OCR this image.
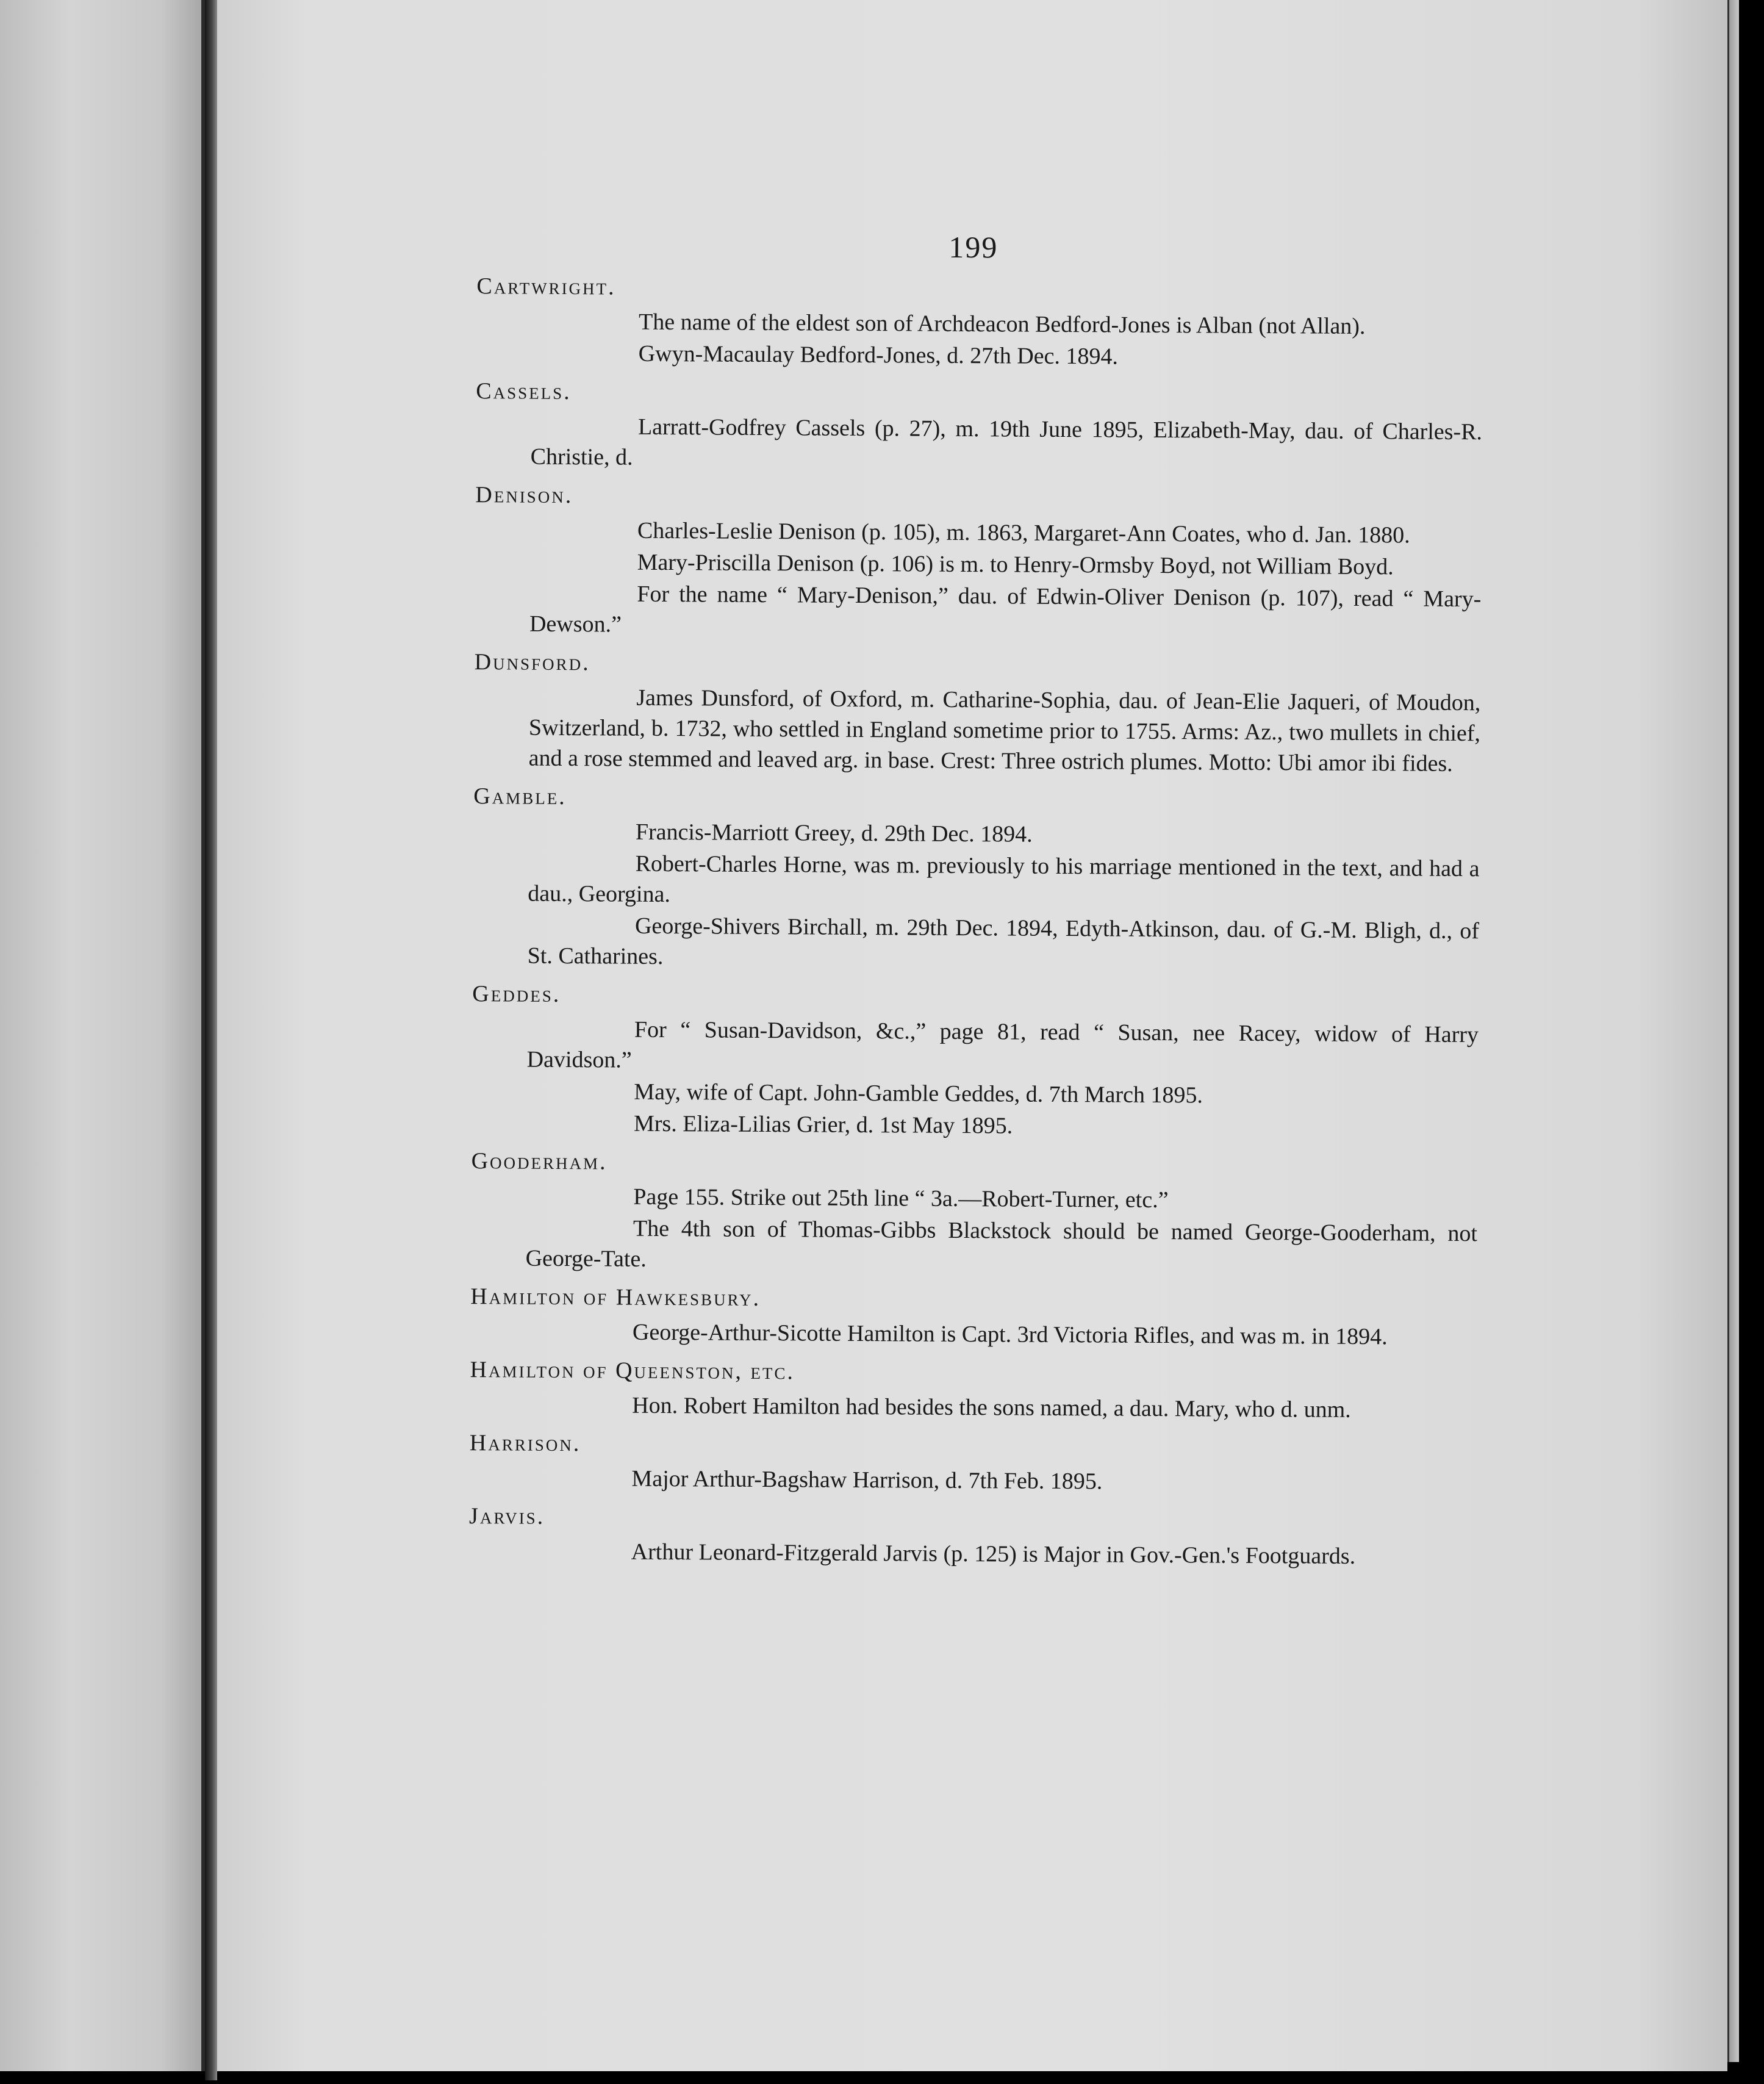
199
Cartwright.

The name of the eldest son of Archdeacon Bedford-Jones is Alban (not Allan).

Gwyn-Macaulay Bedford-Jones, d. 27th Dec. 1894.

Cassels.

Larratt-Godfrey Cassels (p. 27), m. 19th June 1895, Elizabeth-May, dau. of Charles-R. Christie, d.

Denison.

Charles-Leslie Denison (p. 105), m. 1863, Margaret-Ann Coates, who d. Jan. 1880.

Mary-Priscilla Denison (p. 106) is m. to Henry-Ormsby Boyd, not William Boyd.

For the name “ Mary-Denison,” dau. of Edwin-Oliver Denison (p. 107), read “ Mary-Dewson.”

Dunsford.

James Dunsford, of Oxford, m. Catharine-Sophia, dau. of Jean-Elie Jaqueri, of Moudon, Switzerland, b. 1732, who settled in England sometime prior to 1755. Arms: Az., two mullets in chief, and a rose stemmed and leaved arg. in base. Crest: Three ostrich plumes. Motto: Ubi amor ibi fides.

Gamble.

Francis-Marriott Greey, d. 29th Dec. 1894.

Robert-Charles Horne, was m. previously to his marriage mentioned in the text, and had a dau., Georgina.

George-Shivers Birchall, m. 29th Dec. 1894, Edyth-Atkinson, dau. of G.-M. Bligh, d., of St. Catharines.

Geddes.

For “ Susan-Davidson, &c.,” page 81, read “ Susan, nee Racey, widow of Harry Davidson.”

May, wife of Capt. John-Gamble Geddes, d. 7th March 1895.

Mrs. Eliza-Lilias Grier, d. 1st May 1895.

Gooderham.

Page 155. Strike out 25th line “ 3a.—Robert-Turner, etc.”

The 4th son of Thomas-Gibbs Blackstock should be named George-Gooderham, not George-Tate.

Hamilton of Hawkesbury.

George-Arthur-Sicotte Hamilton is Capt. 3rd Victoria Rifles, and was m. in 1894.

Hamilton of Queenston, etc.

Hon. Robert Hamilton had besides the sons named, a dau. Mary, who d. unm.

Harrison.

Major Arthur-Bagshaw Harrison, d. 7th Feb. 1895.

Jarvis.

Arthur Leonard-Fitzgerald Jarvis (p. 125) is Major in Gov.-Gen.'s Footguards.
